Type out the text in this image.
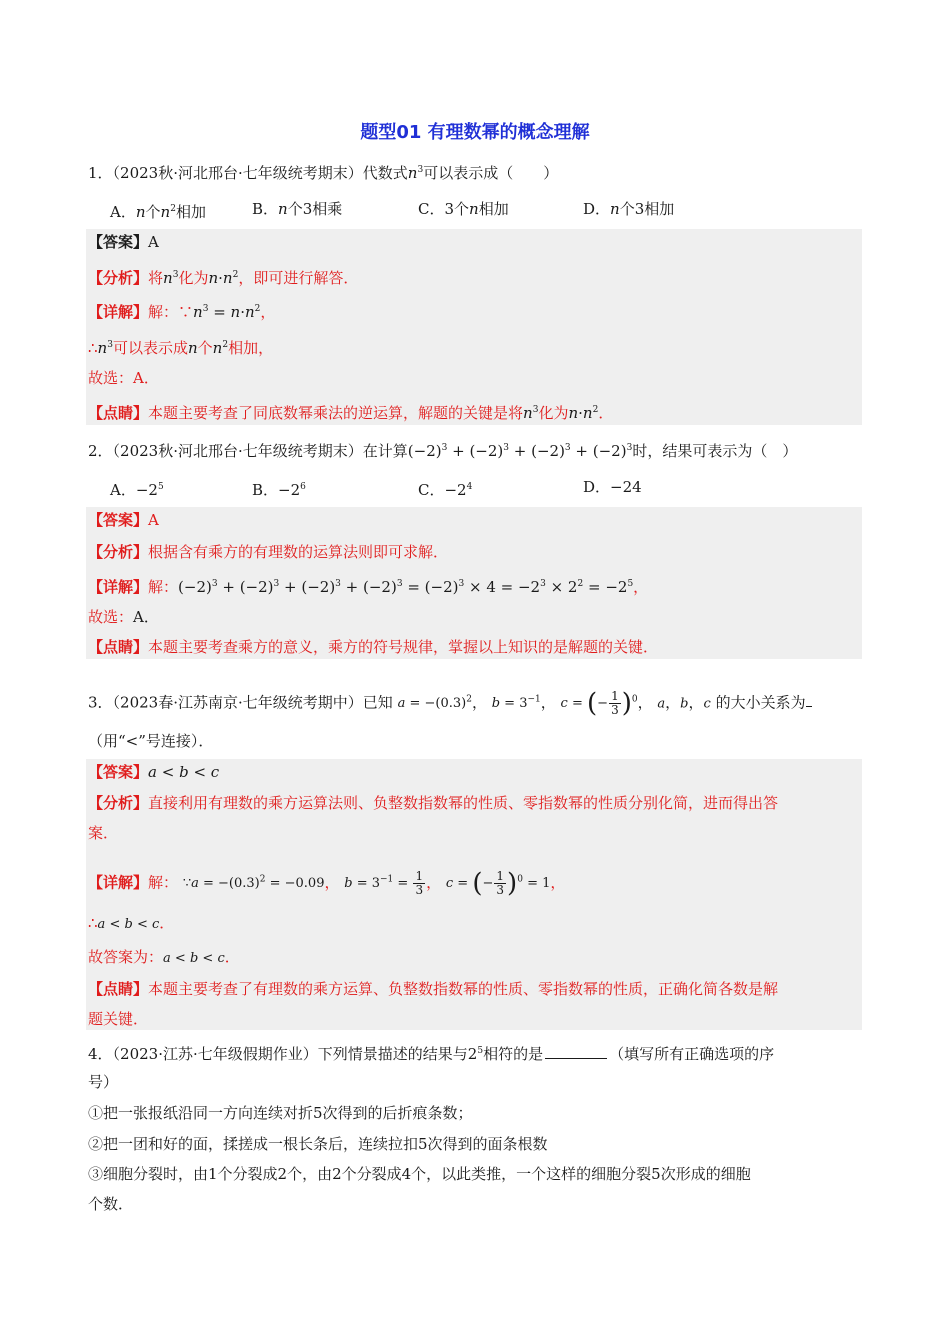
题型01 有理数幂的概念理解
1．（2023秋·河北邢台·七年级统考期末）代数式$n^3$可以表示成（　　）
A．n个$n^2$相加	B．n个3相乘	C．3个n相加	D．n个3相加
【答案】A
【分析】将$n^3$化为$n\cdot n^2$，即可进行解答．
【详解】解：$\because n^3 = n\cdot n^2$，
$\therefore n^3$可以表示成n个$n^2$相加，
故选：A．
【点睛】本题主要考查了同底数幂乘法的逆运算，解题的关键是将$n^3$化为$n\cdot n^2$．
2．（2023秋·河北邢台·七年级统考期末）在计算$(-2)^3 + (-2)^3 + (-2)^3 + (-2)^3$时，结果可表示为（　）
A．$-2^5$	B．$-2^6$	C．$-2^4$	D．−24
【答案】A
【分析】根据含有乘方的有理数的运算法则即可求解．
【详解】解：$(-2)^3 + (-2)^3 + (-2)^3 + (-2)^3 = (-2)^3 \times 4 = -2^3 \times 2^2 = -2^5$，
故选：A．
【点睛】本题主要考查乘方的意义，乘方的符号规律，掌握以上知识的是解题的关键．
3．（2023春·江苏南京·七年级统考期中）已知 $a = -(0.3)^2$， $b = 3^{-1}$， c = (− $\frac{1}{3} )^0$， a，b，c 的大小关系为
（用“<”号连接）．
【答案】a < b < c
【分析】直接利用有理数的乘方运算法则、负整数指数幂的性质、零指数幂的性质分别化简，进而得出答
案．
【详解】解： ∵a = $-(0.3)^2 = -0.09$， $b = 3^{-1} = \frac{1}{3}$ ， c = (− $\frac{1}{3} )^0 = 1$，
∴a < b < c．
故答案为：a < b < c．
【点睛】本题主要考查了有理数的乘方运算、负整数指数幂的性质、零指数幂的性质，正确化简各数是解
题关键．
4．（2023·江苏·七年级假期作业）下列情景描述的结果与$2^5$相符的是	（填写所有正确选项的序
号）
①把一张报纸沿同一方向连续对折5次得到的后折痕条数；
②把一团和好的面，揉搓成一根长条后，连续拉扣5次得到的面条根数
③细胞分裂时，由1个分裂成2个，由2个分裂成4个，以此类推，一个这样的细胞分裂5次形成的细胞
个数．
